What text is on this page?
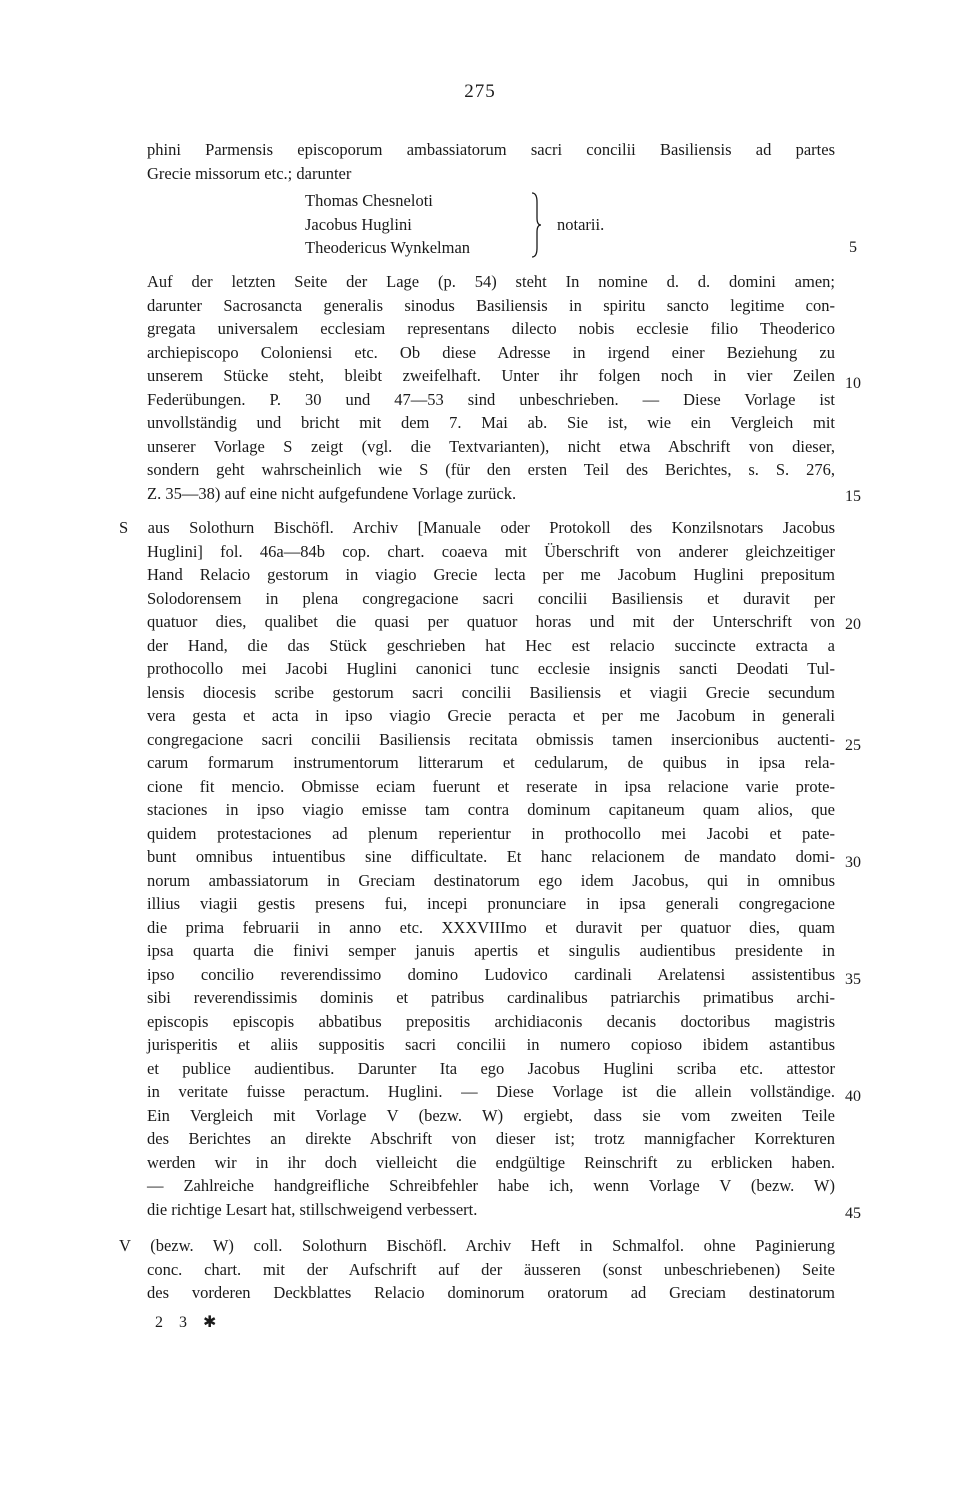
275
phini Parmensis episcoporum ambassiatorum sacri concilii Basiliensis ad partes
Grecie missorum etc.; darunter
Thomas Chesneloti
Jacobus Huglini
Theodericus Wynkelman
notarii.
Auf der letzten Seite der Lage (p. 54) steht In nomine d. d. domini amen;
darunter Sacrosancta generalis sinodus Basiliensis in spiritu sancto legitime con-
gregata universalem ecclesiam representans dilecto nobis ecclesie filio Theoderico
archiepiscopo Coloniensi etc. Ob diese Adresse in irgend einer Beziehung zu
unserem Stücke steht, bleibt zweifelhaft. Unter ihr folgen noch in vier Zeilen
Federübungen. P. 30 und 47—53 sind unbeschrieben. — Diese Vorlage ist
unvollständig und bricht mit dem 7. Mai ab. Sie ist, wie ein Vergleich mit
unserer Vorlage S zeigt (vgl. die Textvarianten), nicht etwa Abschrift von dieser,
sondern geht wahrscheinlich wie S (für den ersten Teil des Berichtes, s. S. 276,
Z. 35—38) auf eine nicht aufgefundene Vorlage zurück.
S aus Solothurn Bischöfl. Archiv [Manuale oder Protokoll des Konzilsnotars Jacobus
Huglini] fol. 46a—84b cop. chart. coaeva mit Überschrift von anderer gleichzeitiger
Hand Relacio gestorum in viagio Grecie lecta per me Jacobum Huglini prepositum
Solodorensem in plena congregacione sacri concilii Basiliensis et duravit per
quatuor dies, qualibet die quasi per quatuor horas und mit der Unterschrift von
der Hand, die das Stück geschrieben hat Hec est relacio succincte extracta a
prothocollo mei Jacobi Huglini canonici tunc ecclesie insignis sancti Deodati Tul-
lensis diocesis scribe gestorum sacri concilii Basiliensis et viagii Grecie secundum
vera gesta et acta in ipso viagio Grecie peracta et per me Jacobum in generali
congregacione sacri concilii Basiliensis recitata obmissis tamen insercionibus auctenti-
carum formarum instrumentorum litterarum et cedularum, de quibus in ipsa rela-
cione fit mencio. Obmisse eciam fuerunt et reserate in ipsa relacione varie prote-
staciones in ipso viagio emisse tam contra dominum capitaneum quam alios, que
quidem protestaciones ad plenum reperientur in prothocollo mei Jacobi et pate-
bunt omnibus intuentibus sine difficultate. Et hanc relacionem de mandato domi-
norum ambassiatorum in Greciam destinatorum ego idem Jacobus, qui in omnibus
illius viagii gestis presens fui, incepi pronunciare in ipsa generali congregacione
die prima februarii in anno etc. XXXVIIImo et duravit per quatuor dies, quam
ipsa quarta die finivi semper januis apertis et singulis audientibus presidente in
ipso concilio reverendissimo domino Ludovico cardinali Arelatensi assistentibus
sibi reverendissimis dominis et patribus cardinalibus patriarchis primatibus archi-
episcopis episcopis abbatibus prepositis archidiaconis decanis doctoribus magistris
jurisperitis et aliis suppositis sacri concilii in numero copioso ibidem astantibus
et publice audientibus. Darunter Ita ego Jacobus Huglini scriba etc. attestor
in veritate fuisse peractum. Huglini. — Diese Vorlage ist die allein vollständige.
Ein Vergleich mit Vorlage V (bezw. W) ergiebt, dass sie vom zweiten Teile
des Berichtes an direkte Abschrift von dieser ist; trotz mannigfacher Korrekturen
werden wir in ihr doch vielleicht die endgültige Reinschrift zu erblicken haben.
— Zahlreiche handgreifliche Schreibfehler habe ich, wenn Vorlage V (bezw. W)
die richtige Lesart hat, stillschweigend verbessert.
V (bezw. W) coll. Solothurn Bischöfl. Archiv Heft in Schmalfol. ohne Paginierung
conc. chart. mit der Aufschrift auf der äusseren (sonst unbeschriebenen) Seite
des vorderen Deckblattes Relacio dominorum oratorum ad Greciam destinatorum
5
10
15
20
25
30
35
40
45
2 3 ✱
